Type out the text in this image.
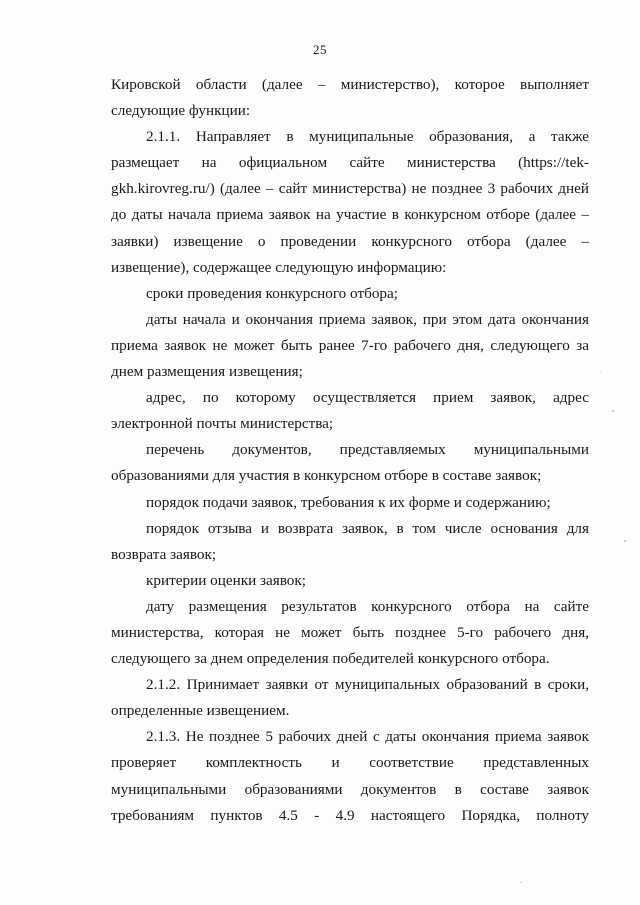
25

Кировской области (далее – министерство), которое выполняет следующие функции:

2.1.1. Направляет в муниципальные образования, а также размещает на официальном сайте министерства (https://tek-gkh.kirovreg.ru/) (далее – сайт министерства) не позднее 3 рабочих дней до даты начала приема заявок на участие в конкурсном отборе (далее – заявки) извещение о проведении конкурсного отбора (далее – извещение), содержащее следующую информацию:

сроки проведения конкурсного отбора;

даты начала и окончания приема заявок, при этом дата окончания приема заявок не может быть ранее 7-го рабочего дня, следующего за днем размещения извещения;

адрес, по которому осуществляется прием заявок, адрес электронной почты министерства;

перечень документов, представляемых муниципальными образованиями для участия в конкурсном отборе в составе заявок;

порядок подачи заявок, требования к их форме и содержанию;

порядок отзыва и возврата заявок, в том числе основания для возврата заявок;

критерии оценки заявок;

дату размещения результатов конкурсного отбора на сайте министерства, которая не может быть позднее 5-го рабочего дня, следующего за днем определения победителей конкурсного отбора.

2.1.2. Принимает заявки от муниципальных образований в сроки, определенные извещением.

2.1.3. Не позднее 5 рабочих дней с даты окончания приема заявок проверяет комплектность и соответствие представленных муниципальными образованиями документов в составе заявок требованиям пунктов 4.5 - 4.9 настоящего Порядка, полноту
